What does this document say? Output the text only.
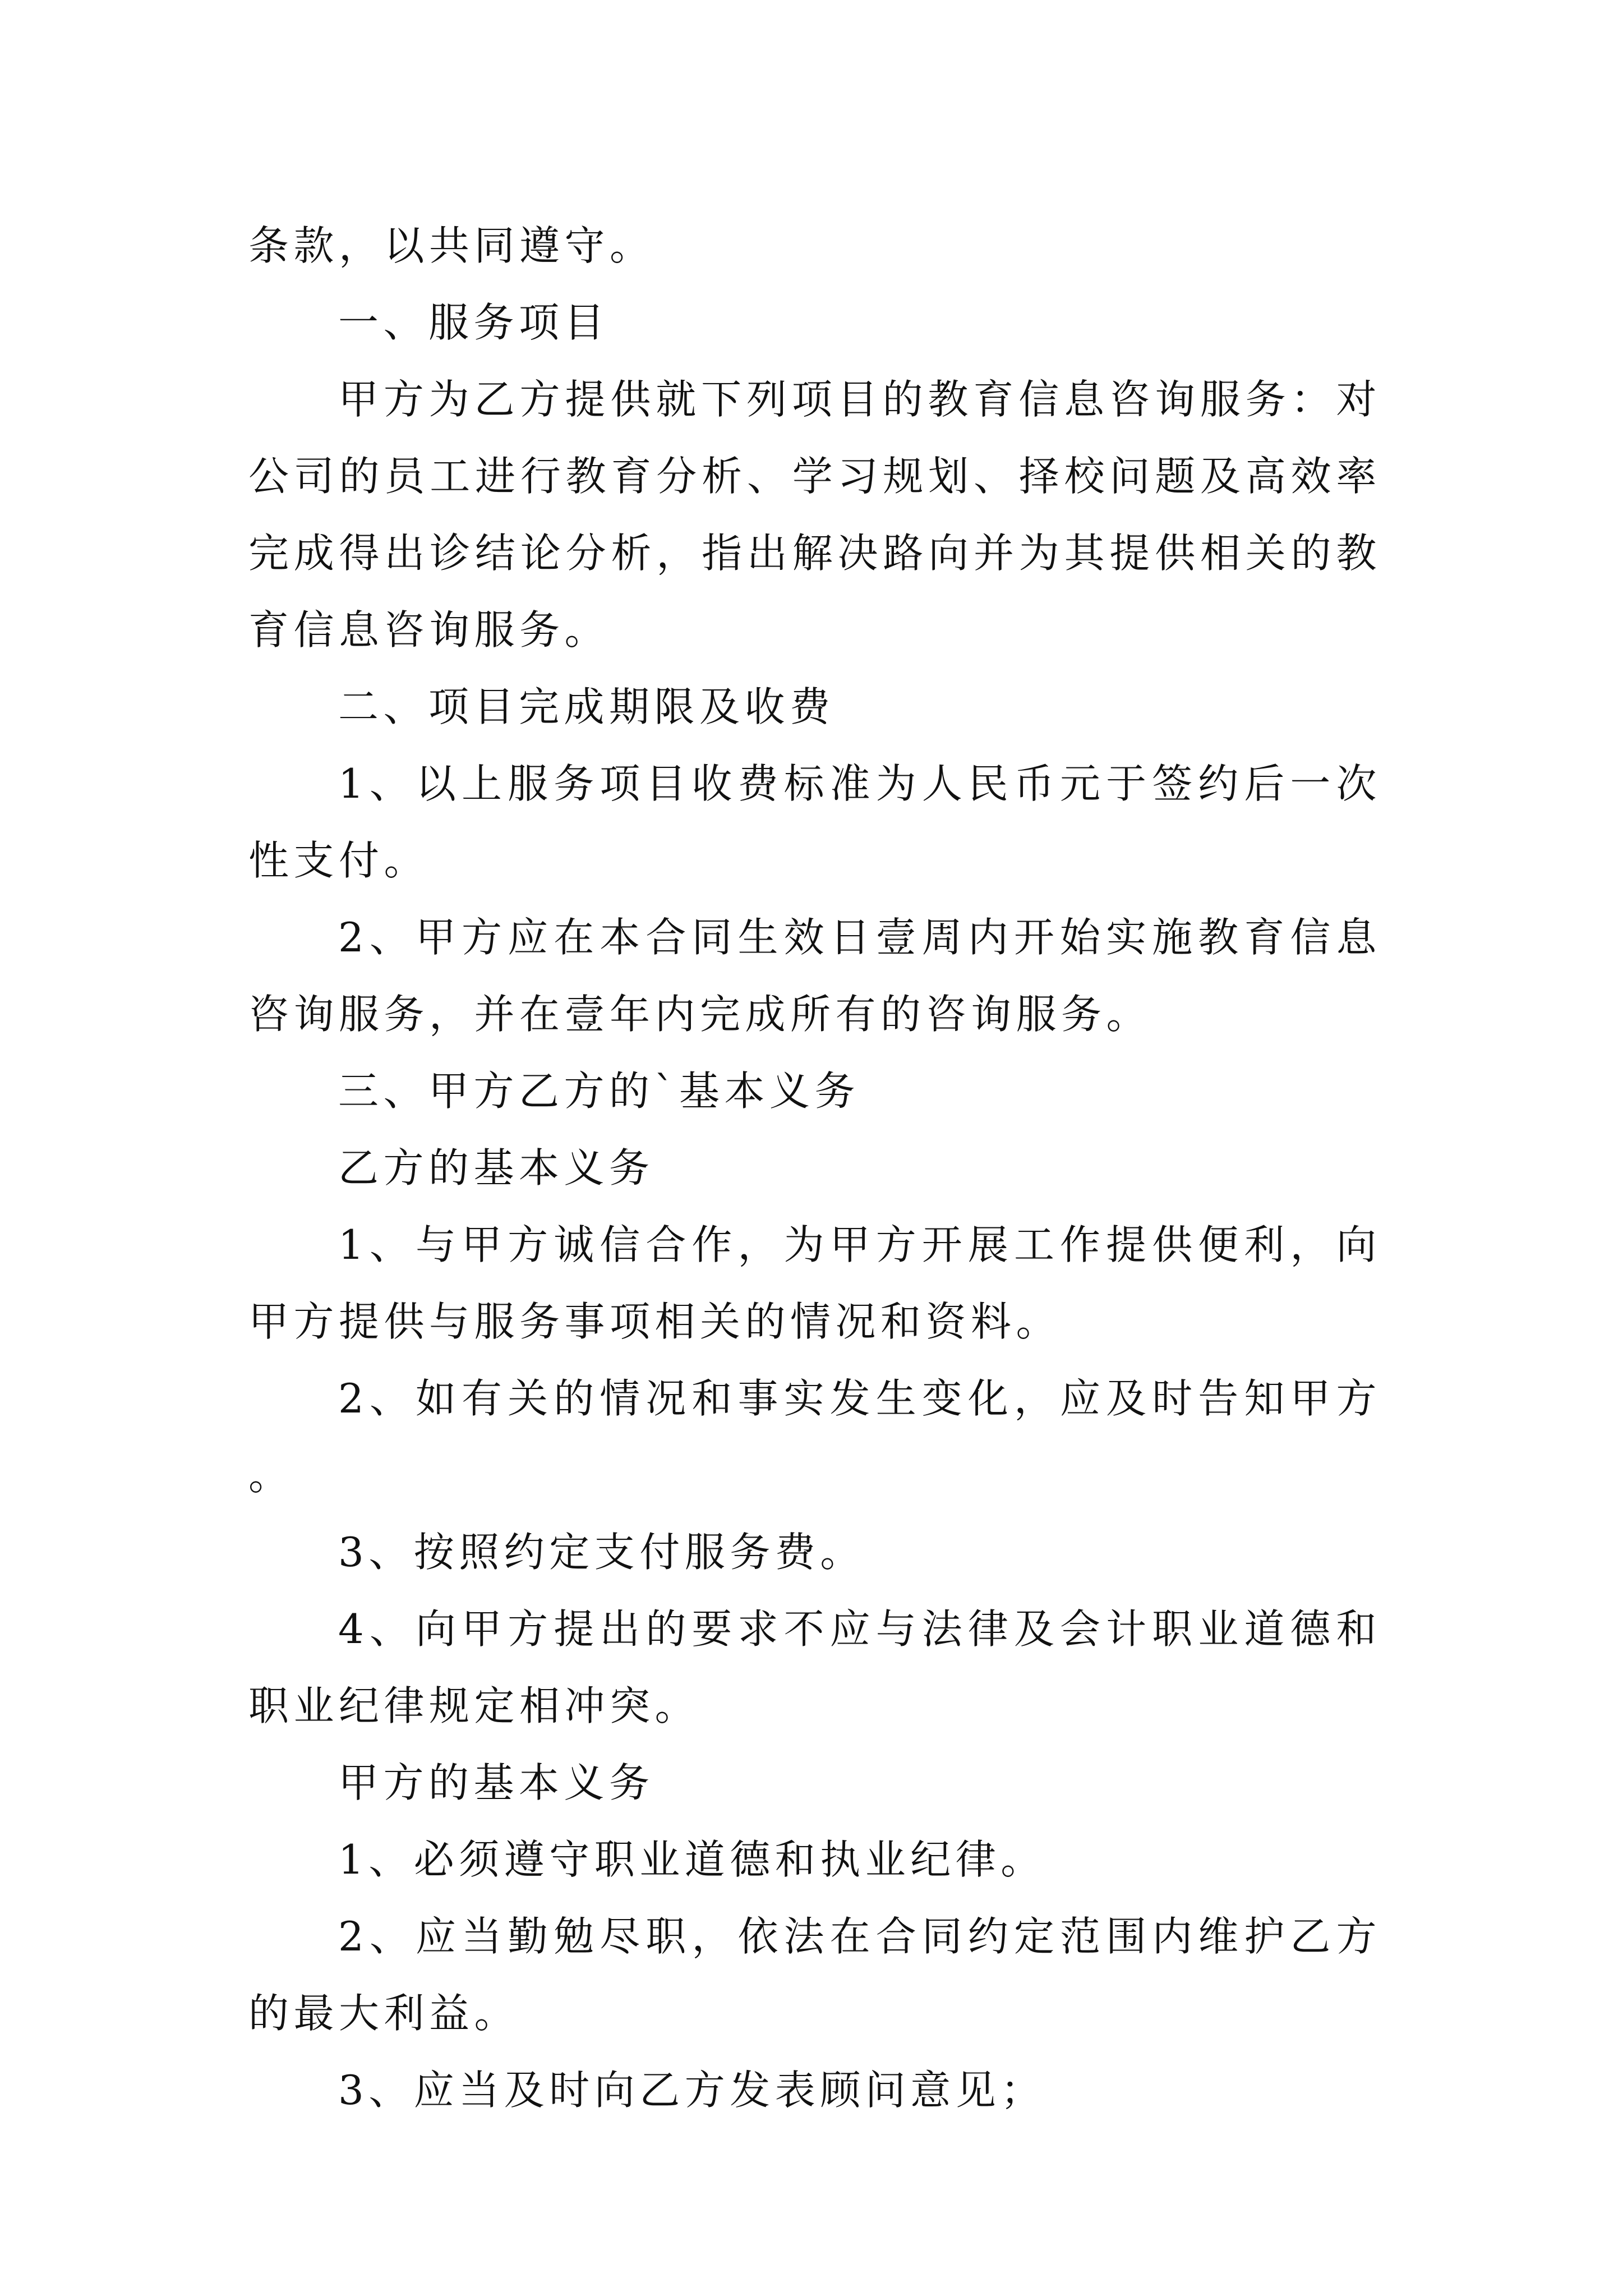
条款，以共同遵守。

一、服务项目

甲方为乙方提供就下列项目的教育信息咨询服务：对公司的员工进行教育分析、学习规划、择校问题及高效率完成得出诊结论分析，指出解决路向并为其提供相关的教育信息咨询服务。

二、项目完成期限及收费

1、以上服务项目收费标准为人民币元于签约后一次性支付。

2、甲方应在本合同生效日壹周内开始实施教育信息咨询服务，并在壹年内完成所有的咨询服务。

三、甲方乙方的`基本义务

乙方的基本义务

1、与甲方诚信合作，为甲方开展工作提供便利，向甲方提供与服务事项相关的情况和资料。

2、如有关的情况和事实发生变化，应及时告知甲方。

3、按照约定支付服务费。

4、向甲方提出的要求不应与法律及会计职业道德和职业纪律规定相冲突。

甲方的基本义务

1、必须遵守职业道德和执业纪律。

2、应当勤勉尽职，依法在合同约定范围内维护乙方的最大利益。

3、应当及时向乙方发表顾问意见；
